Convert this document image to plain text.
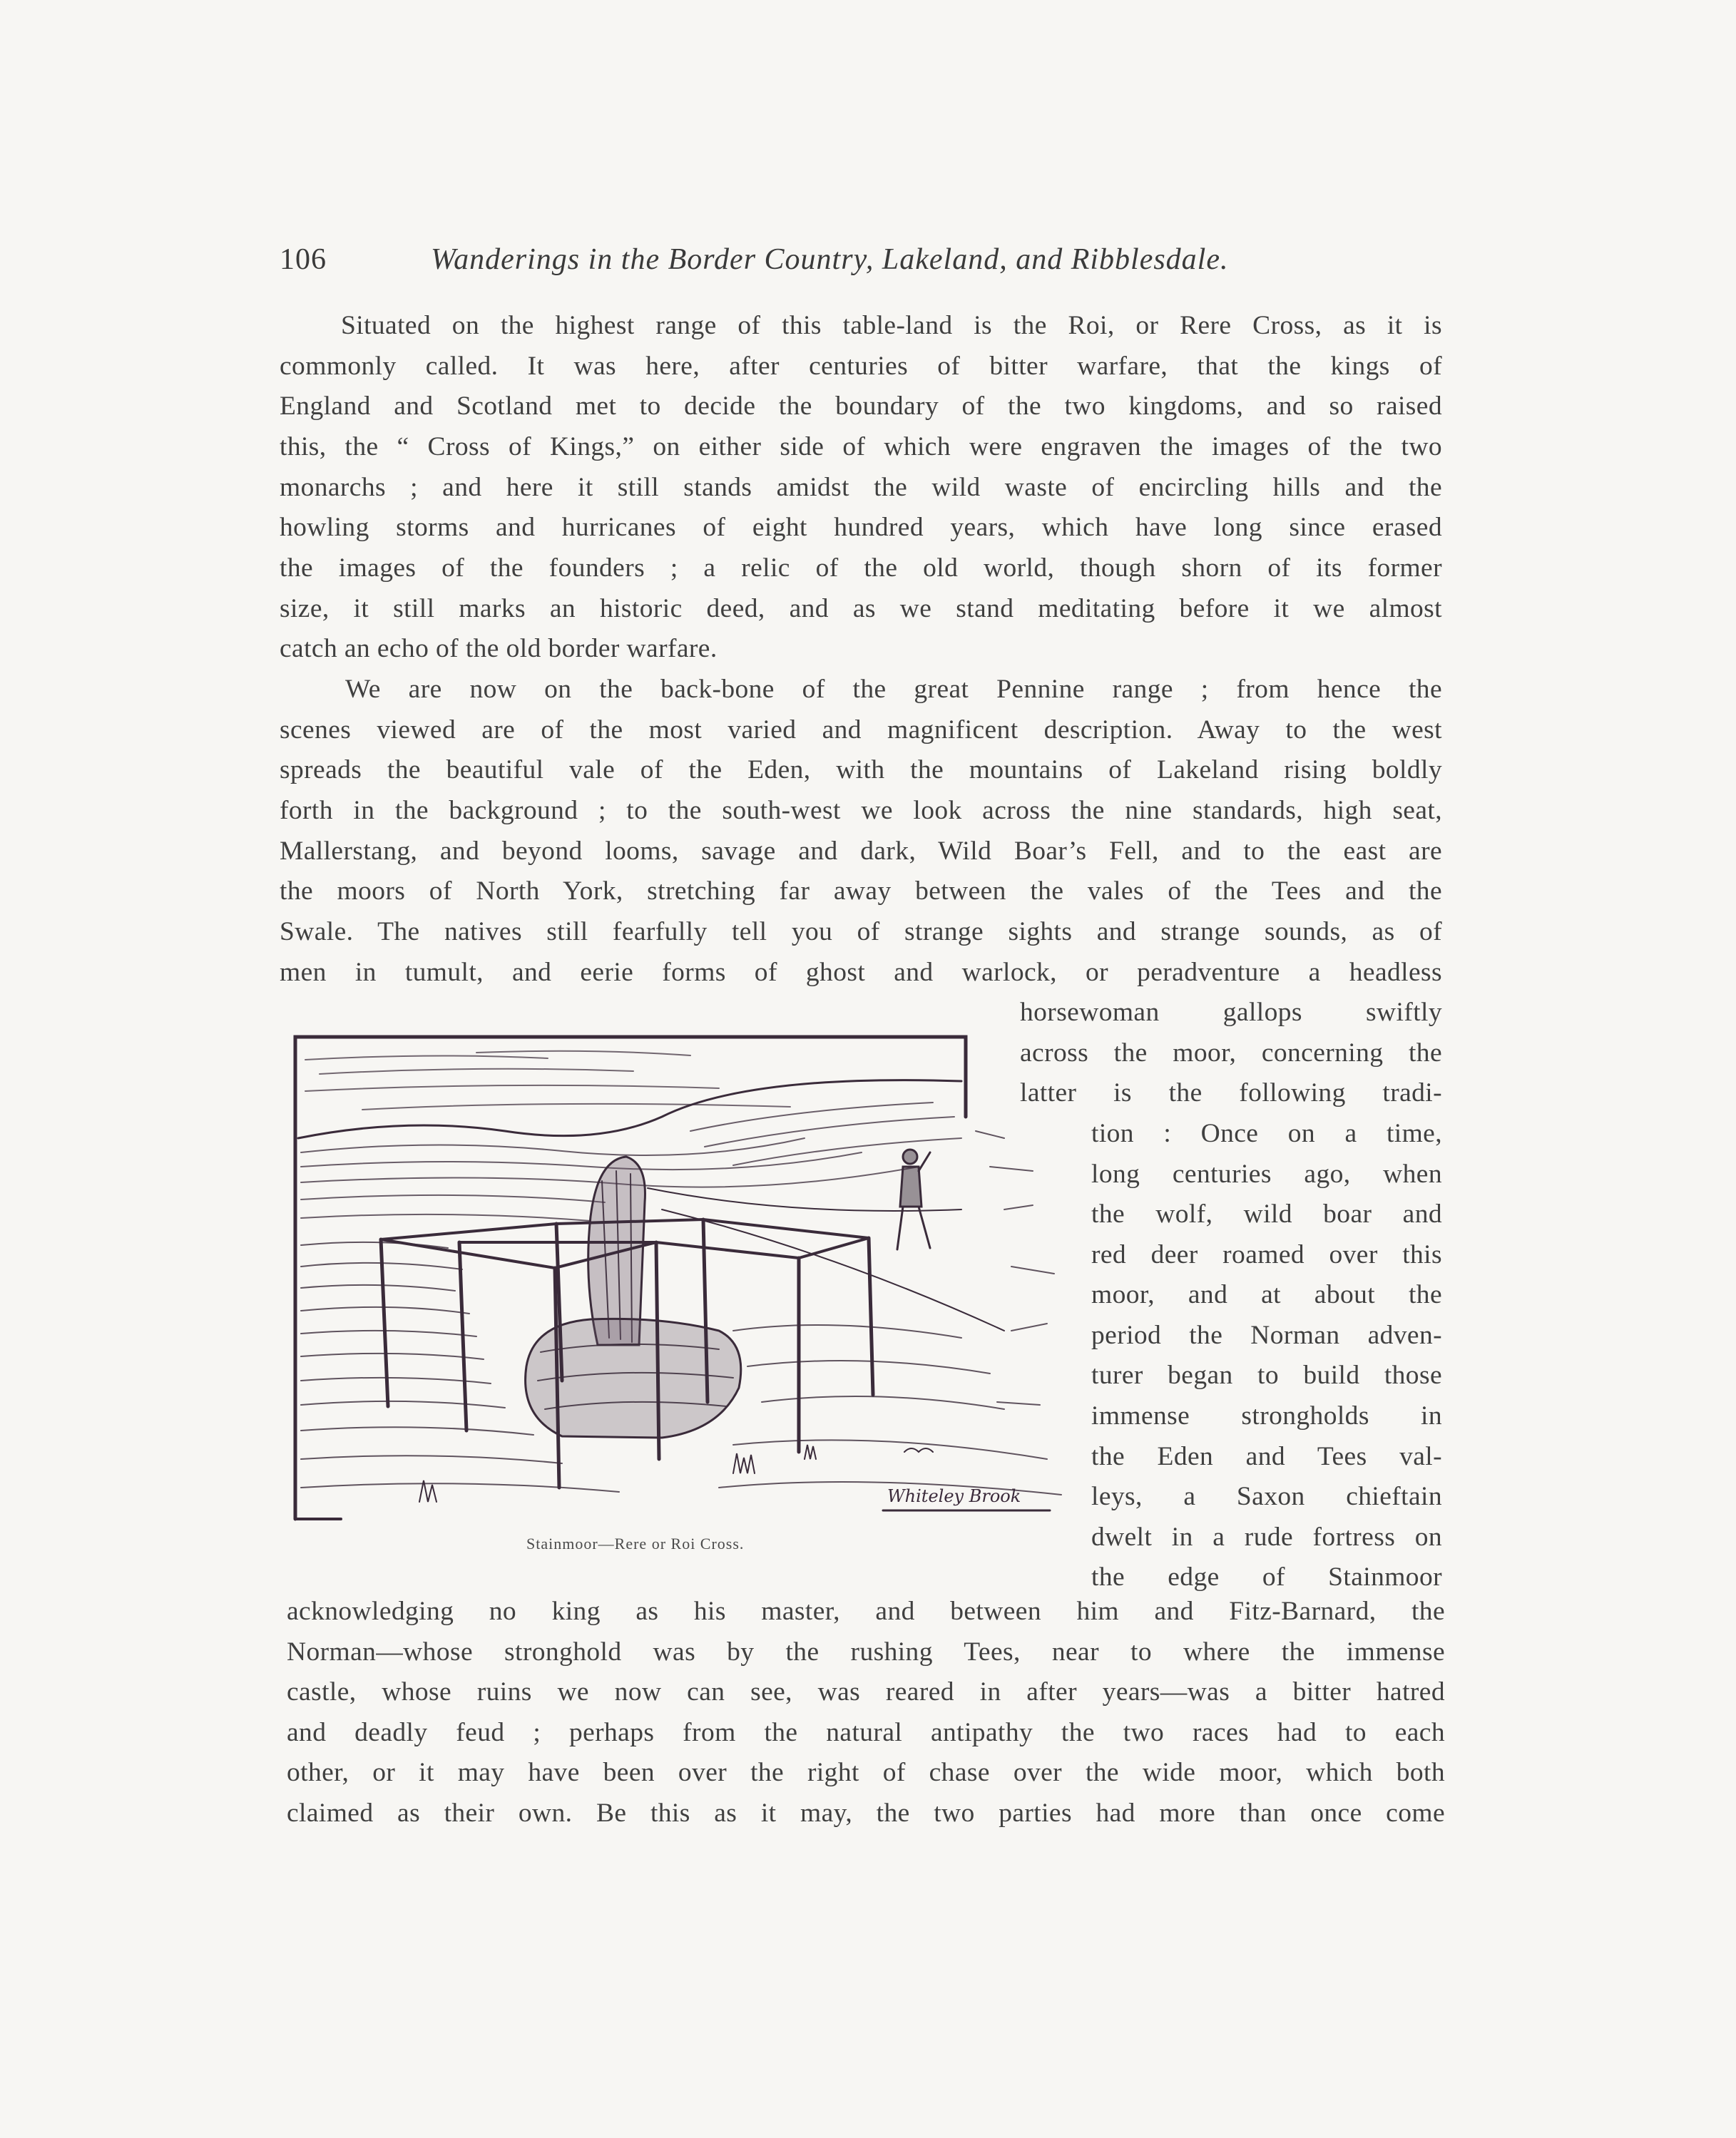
106	Wanderings in the Border Country, Lakeland, and Ribblesdale.
Situated on the highest range of this table-land is the Roi, or Rere Cross, as it is
commonly called. It was here, after centuries of bitter warfare, that the kings of
England and Scotland met to decide the boundary of the two kingdoms, and so raised
this, the “ Cross of Kings,” on either side of which were engraven the images of the two
monarchs ; and here it still stands amidst the wild waste of encircling hills and the
howling storms and hurricanes of eight hundred years, which have long since erased
the images of the founders ; a relic of the old world, though shorn of its former
size, it still marks an historic deed, and as we stand meditating before it we almost
catch an echo of the old border warfare.
We are now on the back-bone of the great Pennine range ; from hence the
scenes viewed are of the most varied and magnificent description. Away to the west
spreads the beautiful vale of the Eden, with the mountains of Lakeland rising boldly
forth in the background ; to the south-west we look across the nine standards, high seat,
Mallerstang, and beyond looms, savage and dark, Wild Boar’s Fell, and to the east are
the moors of North York, stretching far away between the vales of the Tees and the
Swale. The natives still fearfully tell you of strange sights and strange sounds, as of
men in tumult, and eerie forms of ghost and warlock, or peradventure a headless
horsewoman gallops swiftly
across the moor, concerning the
latter is the following tradi-
tion : Once on a time,
long centuries ago, when
the wolf, wild boar and
red deer roamed over this
moor, and at about the
period the Norman adven-
turer began to build those
immense strongholds in
the Eden and Tees val-
leys, a Saxon chieftain
dwelt in a rude fortress on
the edge of Stainmoor
acknowledging no king as his master, and between him and Fitz-Barnard, the
Norman—whose stronghold was by the rushing Tees, near to where the immense
castle, whose ruins we now can see, was reared in after years—was a bitter hatred
and deadly feud ; perhaps from the natural antipathy the two races had to each
other, or it may have been over the right of chase over the wide moor, which both
claimed as their own. Be this as it may, the two parties had more than once come
Whiteley Brook
Stainmoor—Rere or Roi Cross.
